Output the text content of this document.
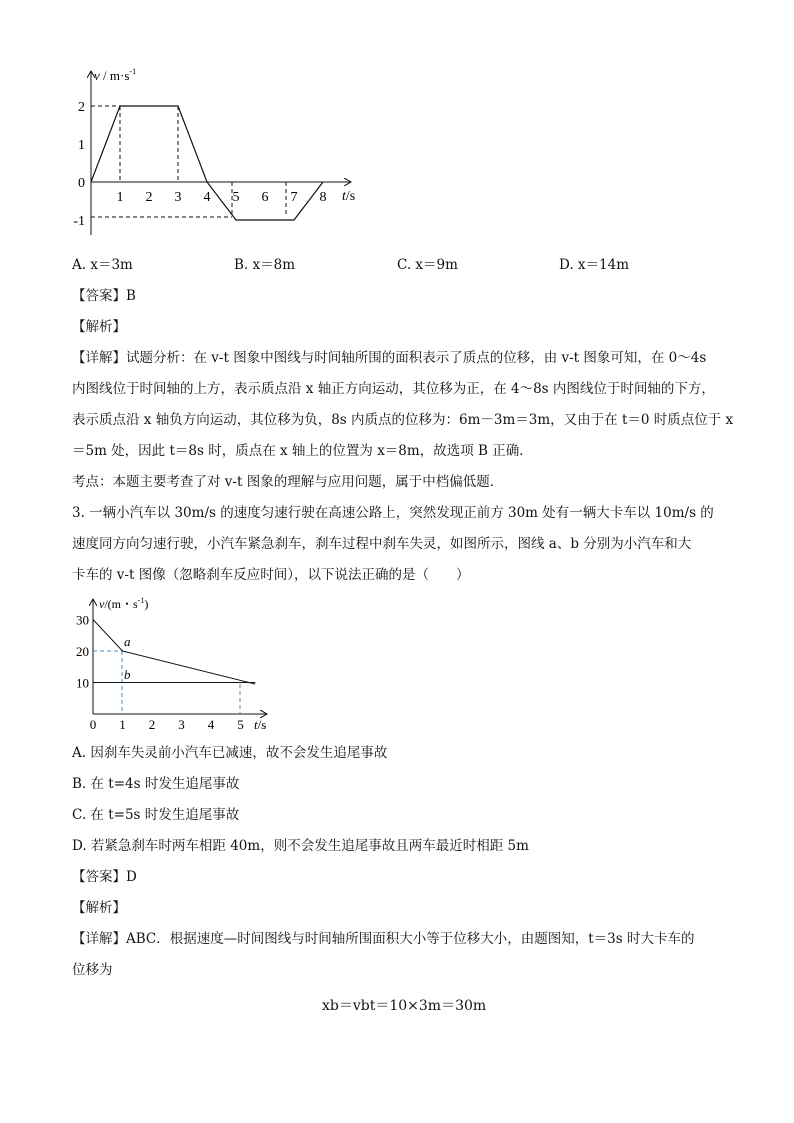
$v / m\cdot s^{-1}$
2
1
0
-1
1 2 3 4 5 6 7 8 t/s
A. x＝3m	B. x＝8m	C. x＝9m	D. x＝14m
【答案】B
【解析】
【详解】试题分析：在 v-t 图象中图线与时间轴所围的面积表示了质点的位移，由 v-t 图象可知，在 0～4s
内图线位于时间轴的上方，表示质点沿 x 轴正方向运动，其位移为正，在 4～8s 内图线位于时间轴的下方，
表示质点沿 x 轴负方向运动，其位移为负，8s 内质点的位移为：6m－3m＝3m，又由于在 t＝0 时质点位于 x
＝5m 处，因此 t＝8s 时，质点在 x 轴上的位置为 x＝8m，故选项 B 正确．
考点：本题主要考查了对 v-t 图象的理解与应用问题，属于中档偏低题．
3. 一辆小汽车以 30m/s 的速度匀速行驶在高速公路上，突然发现正前方 30m 处有一辆大卡车以 10m/s 的
速度同方向匀速行驶，小汽车紧急刹车，刹车过程中刹车失灵，如图所示，图线 a、b 分别为小汽车和大
卡车的 v-t 图像（忽略刹车反应时间），以下说法正确的是（　　）
v/(m・$s^{-1}$)
30
20
10
0 1 2 3 4 5 t/s
a
b
A. 因刹车失灵前小汽车已减速，故不会发生追尾事故
B. 在 t=4s 时发生追尾事故
C. 在 t=5s 时发生追尾事故
D. 若紧急刹车时两车相距 40m，则不会发生追尾事故且两车最近时相距 5m
【答案】D
【解析】
【详解】ABC．根据速度—时间图线与时间轴所围面积大小等于位移大小，由题图知，t＝3s 时大卡车的
位移为
xb＝vbt＝10×3m＝30m
